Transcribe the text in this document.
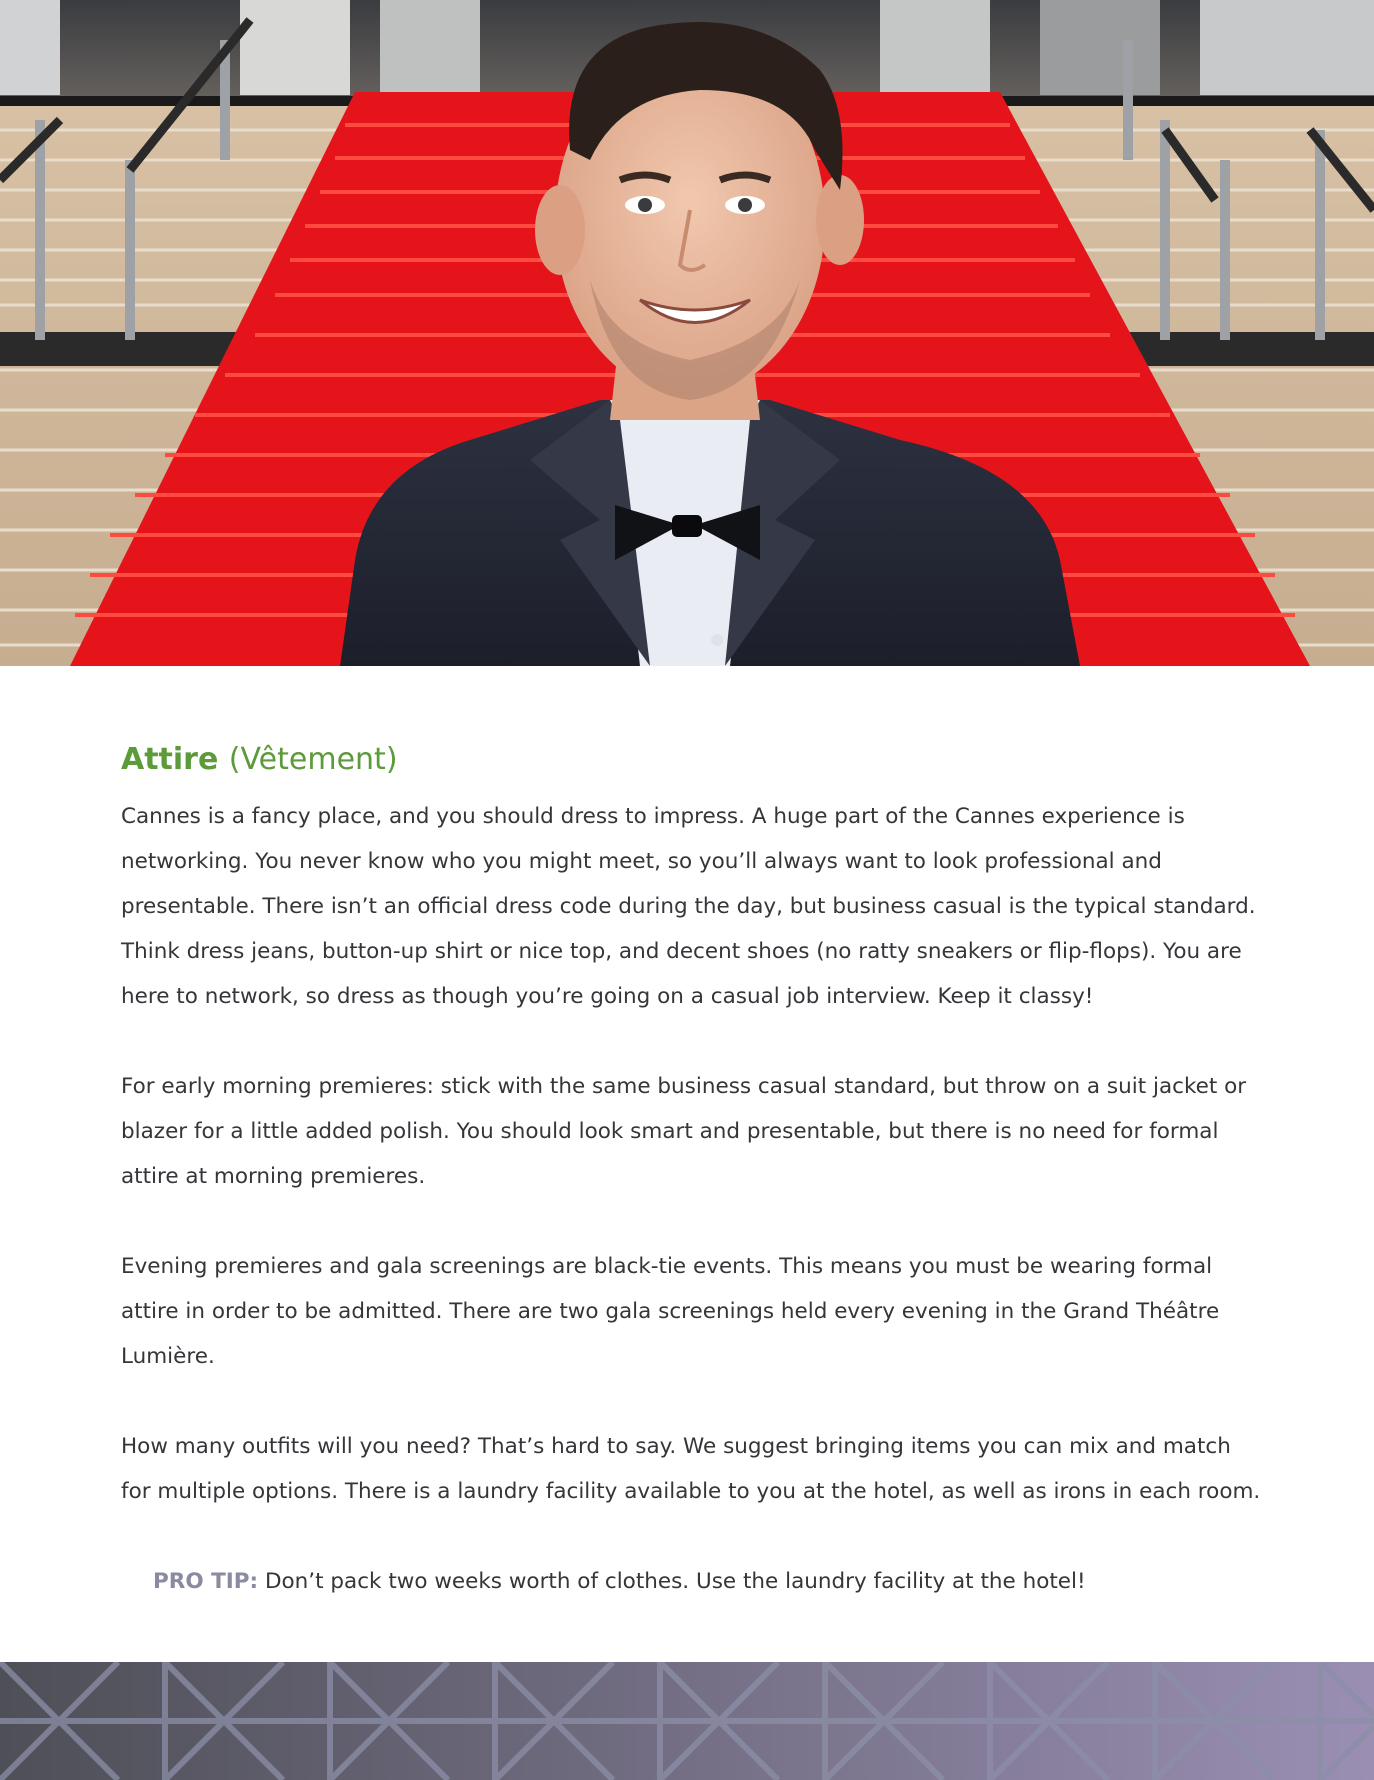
Attire (Vêtement)

Cannes is a fancy place, and you should dress to impress. A huge part of the Cannes experience is networking. You never know who you might meet, so you’ll always want to look professional and presentable. There isn’t an official dress code during the day, but business casual is the typical standard. Think dress jeans, button-up shirt or nice top, and decent shoes (no ratty sneakers or flip-flops). You are here to network, so dress as though you’re going on a casual job interview. Keep it classy!

For early morning premieres: stick with the same business casual standard, but throw on a suit jacket or blazer for a little added polish. You should look smart and presentable, but there is no need for formal attire at morning premieres.

Evening premieres and gala screenings are black-tie events. This means you must be wearing formal attire in order to be admitted. There are two gala screenings held every evening in the Grand Théâtre Lumière.

How many outfits will you need? That’s hard to say. We suggest bringing items you can mix and match for multiple options. There is a laundry facility available to you at the hotel, as well as irons in each room.

PRO TIP: Don’t pack two weeks worth of clothes. Use the laundry facility at the hotel!
